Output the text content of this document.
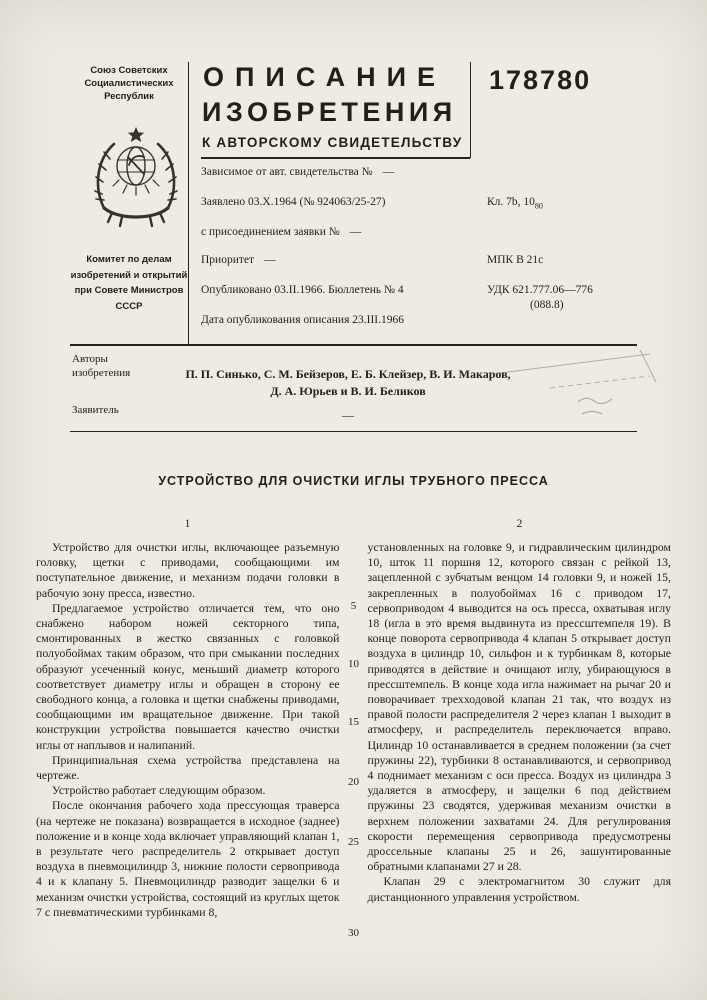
Союз Советских
Социалистических
Республик
Комитет по делам
изобретений и открытий
при Совете Министров
СССР
ОПИСАНИЕ	178780
ИЗОБРЕТЕНИЯ
К АВТОРСКОМУ СВИДЕТЕЛЬСТВУ
Зависимое от авт. свидетельства № —
Заявлено 03.X.1964 (№ 924063/25-27)
с присоединением заявки № —
Приоритет —
Опубликовано 03.II.1966. Бюллетень № 4
Дата опубликования описания 23.III.1966
Кл. 7b, $10_{80}$
МПК В 21с
УДК 621.777.06—776
(088.8)
Авторы
изобретения	П. П. Синько, С. М. Бейзеров, Е. Б. Клейзер, В. И. Макаров,
Д. А. Юрьев и В. И. Беликов
Заявитель	—
УСТРОЙСТВО ДЛЯ ОЧИСТКИ ИГЛЫ ТРУБНОГО ПРЕССА
1	2

Устройство для очистки иглы, включающее разъемную головку, щетки с приводами, сообщающими им поступательное движение, и механизм подачи головки в рабочую зону пресса, известно.

Предлагаемое устройство отличается тем, что оно снабжено набором ножей секторного типа, смонтированных в жестко связанных с головкой полуобоймах таким образом, что при смыкании последних образуют усеченный конус, меньший диаметр которого соответствует диаметру иглы и обращен в сторону ее свободного конца, а головка и щетки снабжены приводами, сообщающими им вращательное движение. При такой конструкции устройства повышается качество очистки иглы от наплывов и налипаний.

Принципиальная схема устройства представлена на чертеже.

Устройство работает следующим образом.

После окончания рабочего хода прессующая траверса (на чертеже не показана) возвращается в исходное (заднее) положение и в конце хода включает управляющий клапан 1, в результате чего распределитель 2 открывает доступ воздуха в пневмоцилиндр 3, нижние полости сервопривода 4 и к клапану 5. Пневмоцилиндр разводит защелки 6 и механизм очистки устройства, состоящий из круглых щеток 7 с пневматическими турбинками 8,

установленных на головке 9, и гидравлическим цилиндром 10, шток 11 поршня 12, которого связан с рейкой 13, зацепленной с зубчатым венцом 14 головки 9, и ножей 15, закрепленных в полуобоймах 16 с приводом 17, сервоприводом 4 выводится на ось пресса, охватывая иглу 18 (игла в это время выдвинута из прессштемпеля 19). В конце поворота сервопривода 4 клапан 5 открывает доступ воздуха в цилиндр 10, сильфон и к турбинкам 8, которые приводятся в действие и очищают иглу, убирающуюся в прессштемпель. В конце хода игла нажимает на рычаг 20 и поворачивает трехходовой клапан 21 так, что воздух из правой полости распределителя 2 через клапан 1 выходит в атмосферу, и распределитель переключается вправо. Цилиндр 10 останавливается в среднем положении (за счет пружины 22), турбинки 8 останавливаются, и сервопривод 4 поднимает механизм с оси пресса. Воздух из цилиндра 3 удаляется в атмосферу, и защелки 6 под действием пружины 23 сводятся, удерживая механизм очистки в верхнем положении захватами 24. Для регулирования скорости перемещения сервопривода предусмотрены дроссельные клапаны 25 и 26, зашунтированные обратными клапанами 27 и 28.

Клапан 29 с электромагнитом 30 служит для дистанционного управления устройством.

5
10
15
20
25
30
